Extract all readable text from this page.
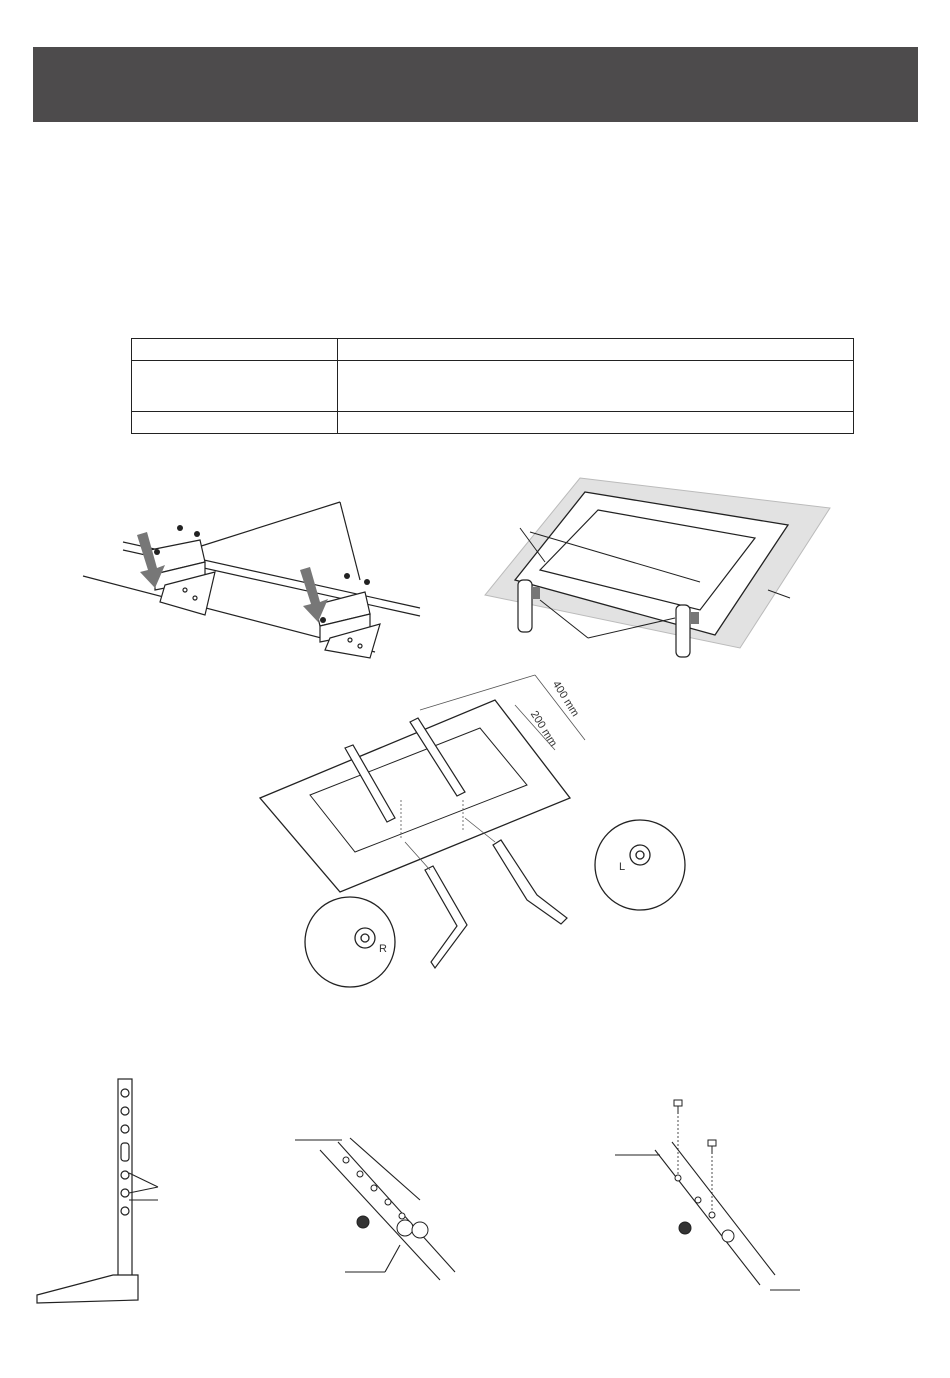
400 mm
200 mm
R
L
